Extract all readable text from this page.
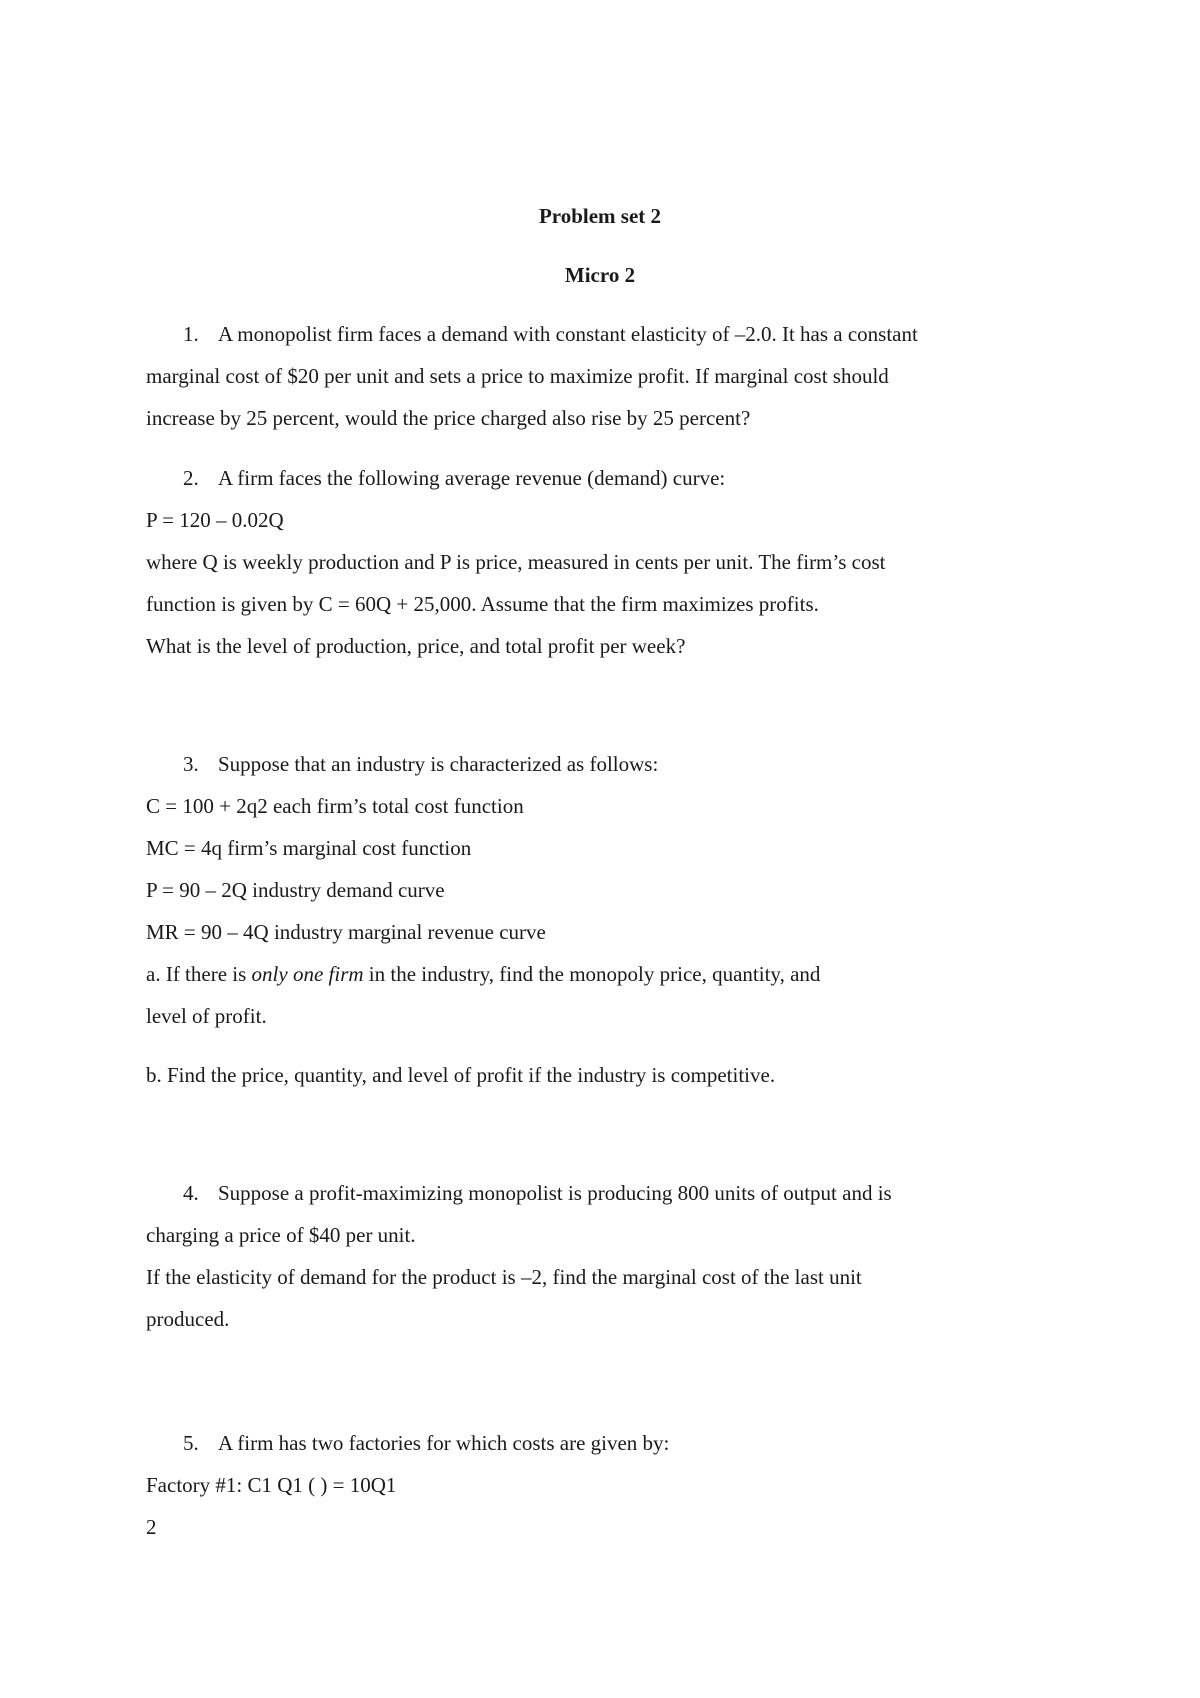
Problem set 2
Micro 2
1. A monopolist firm faces a demand with constant elasticity of –2.0. It has a constant
marginal cost of $20 per unit and sets a price to maximize profit. If marginal cost should
increase by 25 percent, would the price charged also rise by 25 percent?
2. A firm faces the following average revenue (demand) curve:
P = 120 – 0.02Q
where Q is weekly production and P is price, measured in cents per unit. The firm’s cost
function is given by C = 60Q + 25,000. Assume that the firm maximizes profits.
What is the level of production, price, and total profit per week?
3. Suppose that an industry is characterized as follows:
C = 100 + 2q2 each firm’s total cost function
MC = 4q firm’s marginal cost function
P = 90 – 2Q industry demand curve
MR = 90 – 4Q industry marginal revenue curve
a. If there is only one firm in the industry, find the monopoly price, quantity, and
level of profit.
b. Find the price, quantity, and level of profit if the industry is competitive.
4. Suppose a profit-maximizing monopolist is producing 800 units of output and is
charging a price of $40 per unit.
If the elasticity of demand for the product is –2, find the marginal cost of the last unit
produced.
5. A firm has two factories for which costs are given by:
Factory #1: C1 Q1 ( ) = 10Q1
2
